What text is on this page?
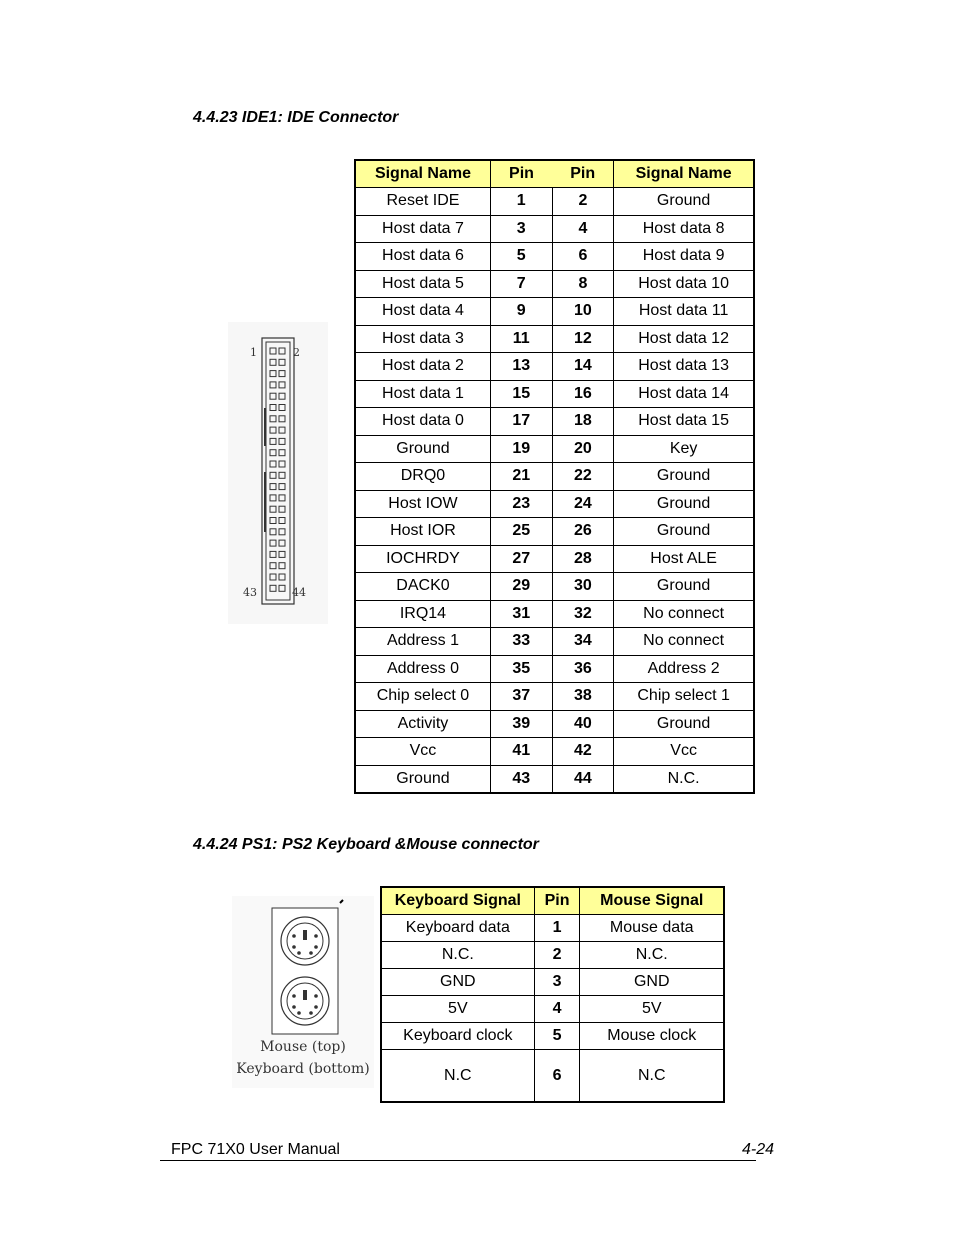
4.4.23 IDE1: IDE Connector
Signal Name	Pin	Pin	Signal Name
Reset IDE	1	2	Ground
Host data 7	3	4	Host data 8
Host data 6	5	6	Host data 9
Host data 5	7	8	Host data 10
Host data 4	9	10	Host data 11
Host data 3	11	12	Host data 12
Host data 2	13	14	Host data 13
Host data 1	15	16	Host data 14
Host data 0	17	18	Host data 15
Ground	19	20	Key
DRQ0	21	22	Ground
Host IOW	23	24	Ground
Host IOR	25	26	Ground
IOCHRDY	27	28	Host ALE
DACK0	29	30	Ground
IRQ14	31	32	No connect
Address 1	33	34	No connect
Address 0	35	36	Address 2
Chip select 0	37	38	Chip select 1
Activity	39	40	Ground
Vcc	41	42	Vcc
Ground	43	44	N.C.
1	2
43	44
4.4.24 PS1: PS2 Keyboard &Mouse connector
Keyboard Signal	Pin	Mouse Signal
Keyboard data	1	Mouse data
N.C.	2	N.C.
GND	3	GND
5V	4	5V
Keyboard clock	5	Mouse clock
N.C	6	N.C
Mouse (top)
Keyboard (bottom)
FPC 71X0 User Manual	4-24
